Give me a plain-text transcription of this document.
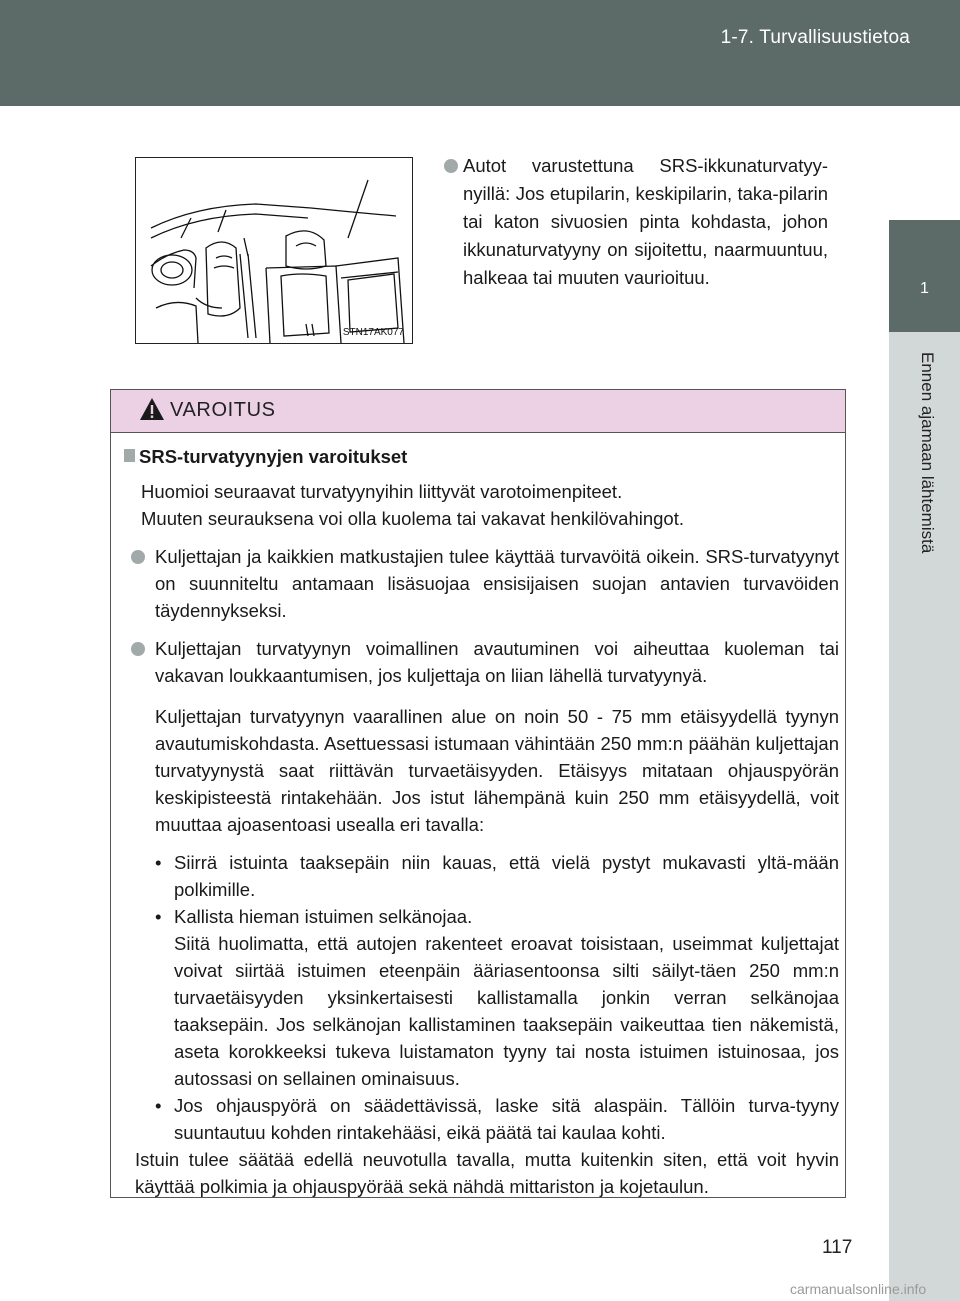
1-7. Turvallisuustietoa
1
Ennen ajamaan lähtemistä
STN17AK077

Autot varustettuna SRS-ikkunaturvatyy-nyillä: Jos etupilarin, keskipilarin, taka-pilarin tai katon sivuosien pinta kohdasta, johon ikkunaturvatyyny on sijoitettu, naarmuuntuu, halkeaa tai muuten vaurioituu.

VAROITUS
SRS-turvatyynyjen varoitukset

Huomioi seuraavat turvatyynyihin liittyvät varotoimenpiteet.

Muuten seurauksena voi olla kuolema tai vakavat henkilövahingot.

Kuljettajan ja kaikkien matkustajien tulee käyttää turvavöitä oikein. SRS-turvatyynyt on suunniteltu antamaan lisäsuojaa ensisijaisen suojan antavien turvavöiden täydennykseksi.
Kuljettajan turvatyynyn voimallinen avautuminen voi aiheuttaa kuoleman tai vakavan loukkaantumisen, jos kuljettaja on liian lähellä turvatyynyä.

Kuljettajan turvatyynyn vaarallinen alue on noin 50 - 75 mm etäisyydellä tyynyn avautumiskohdasta. Asettuessasi istumaan vähintään 250 mm:n päähän kuljettajan turvatyynystä saat riittävän turvaetäisyyden. Etäisyys mitataan ohjauspyörän keskipisteestä rintakehään. Jos istut lähempänä kuin 250 mm etäisyydellä, voit muuttaa ajoasentoasi usealla eri tavalla:

• Siirrä istuinta taaksepäin niin kauas, että vielä pystyt mukavasti yltä-mään polkimille.
• Kallista hieman istuimen selkänojaa.
Siitä huolimatta, että autojen rakenteet eroavat toisistaan, useimmat kuljettajat voivat siirtää istuimen eteenpäin ääriasentoonsa silti säilyt-täen 250 mm:n turvaetäisyyden yksinkertaisesti kallistamalla jonkin verran selkänojaa taaksepäin. Jos selkänojan kallistaminen taaksepäin vaikeuttaa tien näkemistä, aseta korokkeeksi tukeva luistamaton tyyny tai nosta istuimen istuinosaa, jos autossasi on sellainen ominaisuus.
• Jos ohjauspyörä on säädettävissä, laske sitä alaspäin. Tällöin turva-tyyny suuntautuu kohden rintakehääsi, eikä päätä tai kaulaa kohti.

Istuin tulee säätää edellä neuvotulla tavalla, mutta kuitenkin siten, että voit hyvin käyttää polkimia ja ohjauspyörää sekä nähdä mittariston ja kojetaulun.

117
carmanualsonline.info
